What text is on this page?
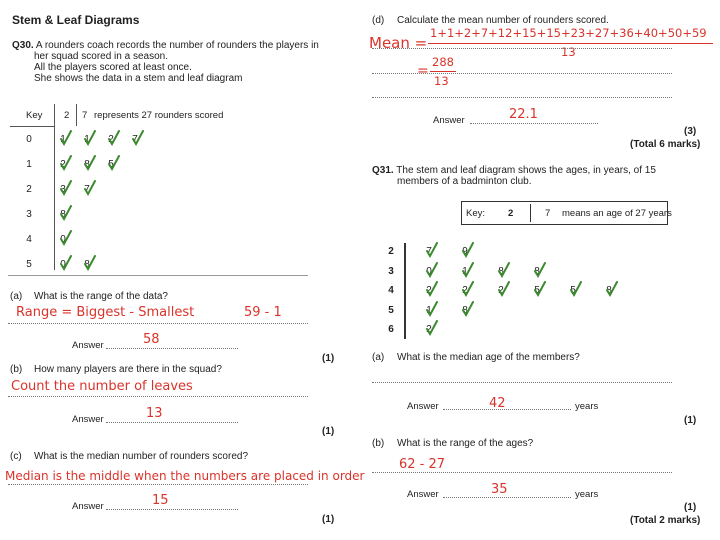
Stem & Leaf Diagrams
Q30. A rounders coach records the number of rounders the players in
her squad scored in a season.
All the players scored at least once.
She shows the data in a stem and leaf diagram
Key 2 7 represents 27 rounders scored
0	1	1	2	7
1	2	8	5
2	3	7
3	8
4	0
5	0	8
(a) What is the range of the data?
Range = Biggest - Smallest	59 - 1
Answer	58
(1)
(b) How many players are there in the squad?
Count the number of leaves
Answer	13
(1)
(c) What is the median number of rounders scored?
Median is the middle when the numbers are placed in order
Answer	15
(1)
(d) Calculate the mean number of rounders scored.
Mean =
1+1+2+7+12+15+15+23+27+36+40+50+59
13
=
288
13
Answer	22.1
(3)
(Total 6 marks)
Q31. The stem and leaf diagram shows the ages, in years, of 15
members of a badminton club.
Key: 2	7 means an age of 27 years
2	7	9
3	0	1	8	8
4	2	2	2	5	5	8
5	1	8
6	2
(a) What is the median age of the members?
Answer	42	years
(1)
(b) What is the range of the ages?
62 - 27
Answer	35	years
(1)
(Total 2 marks)
